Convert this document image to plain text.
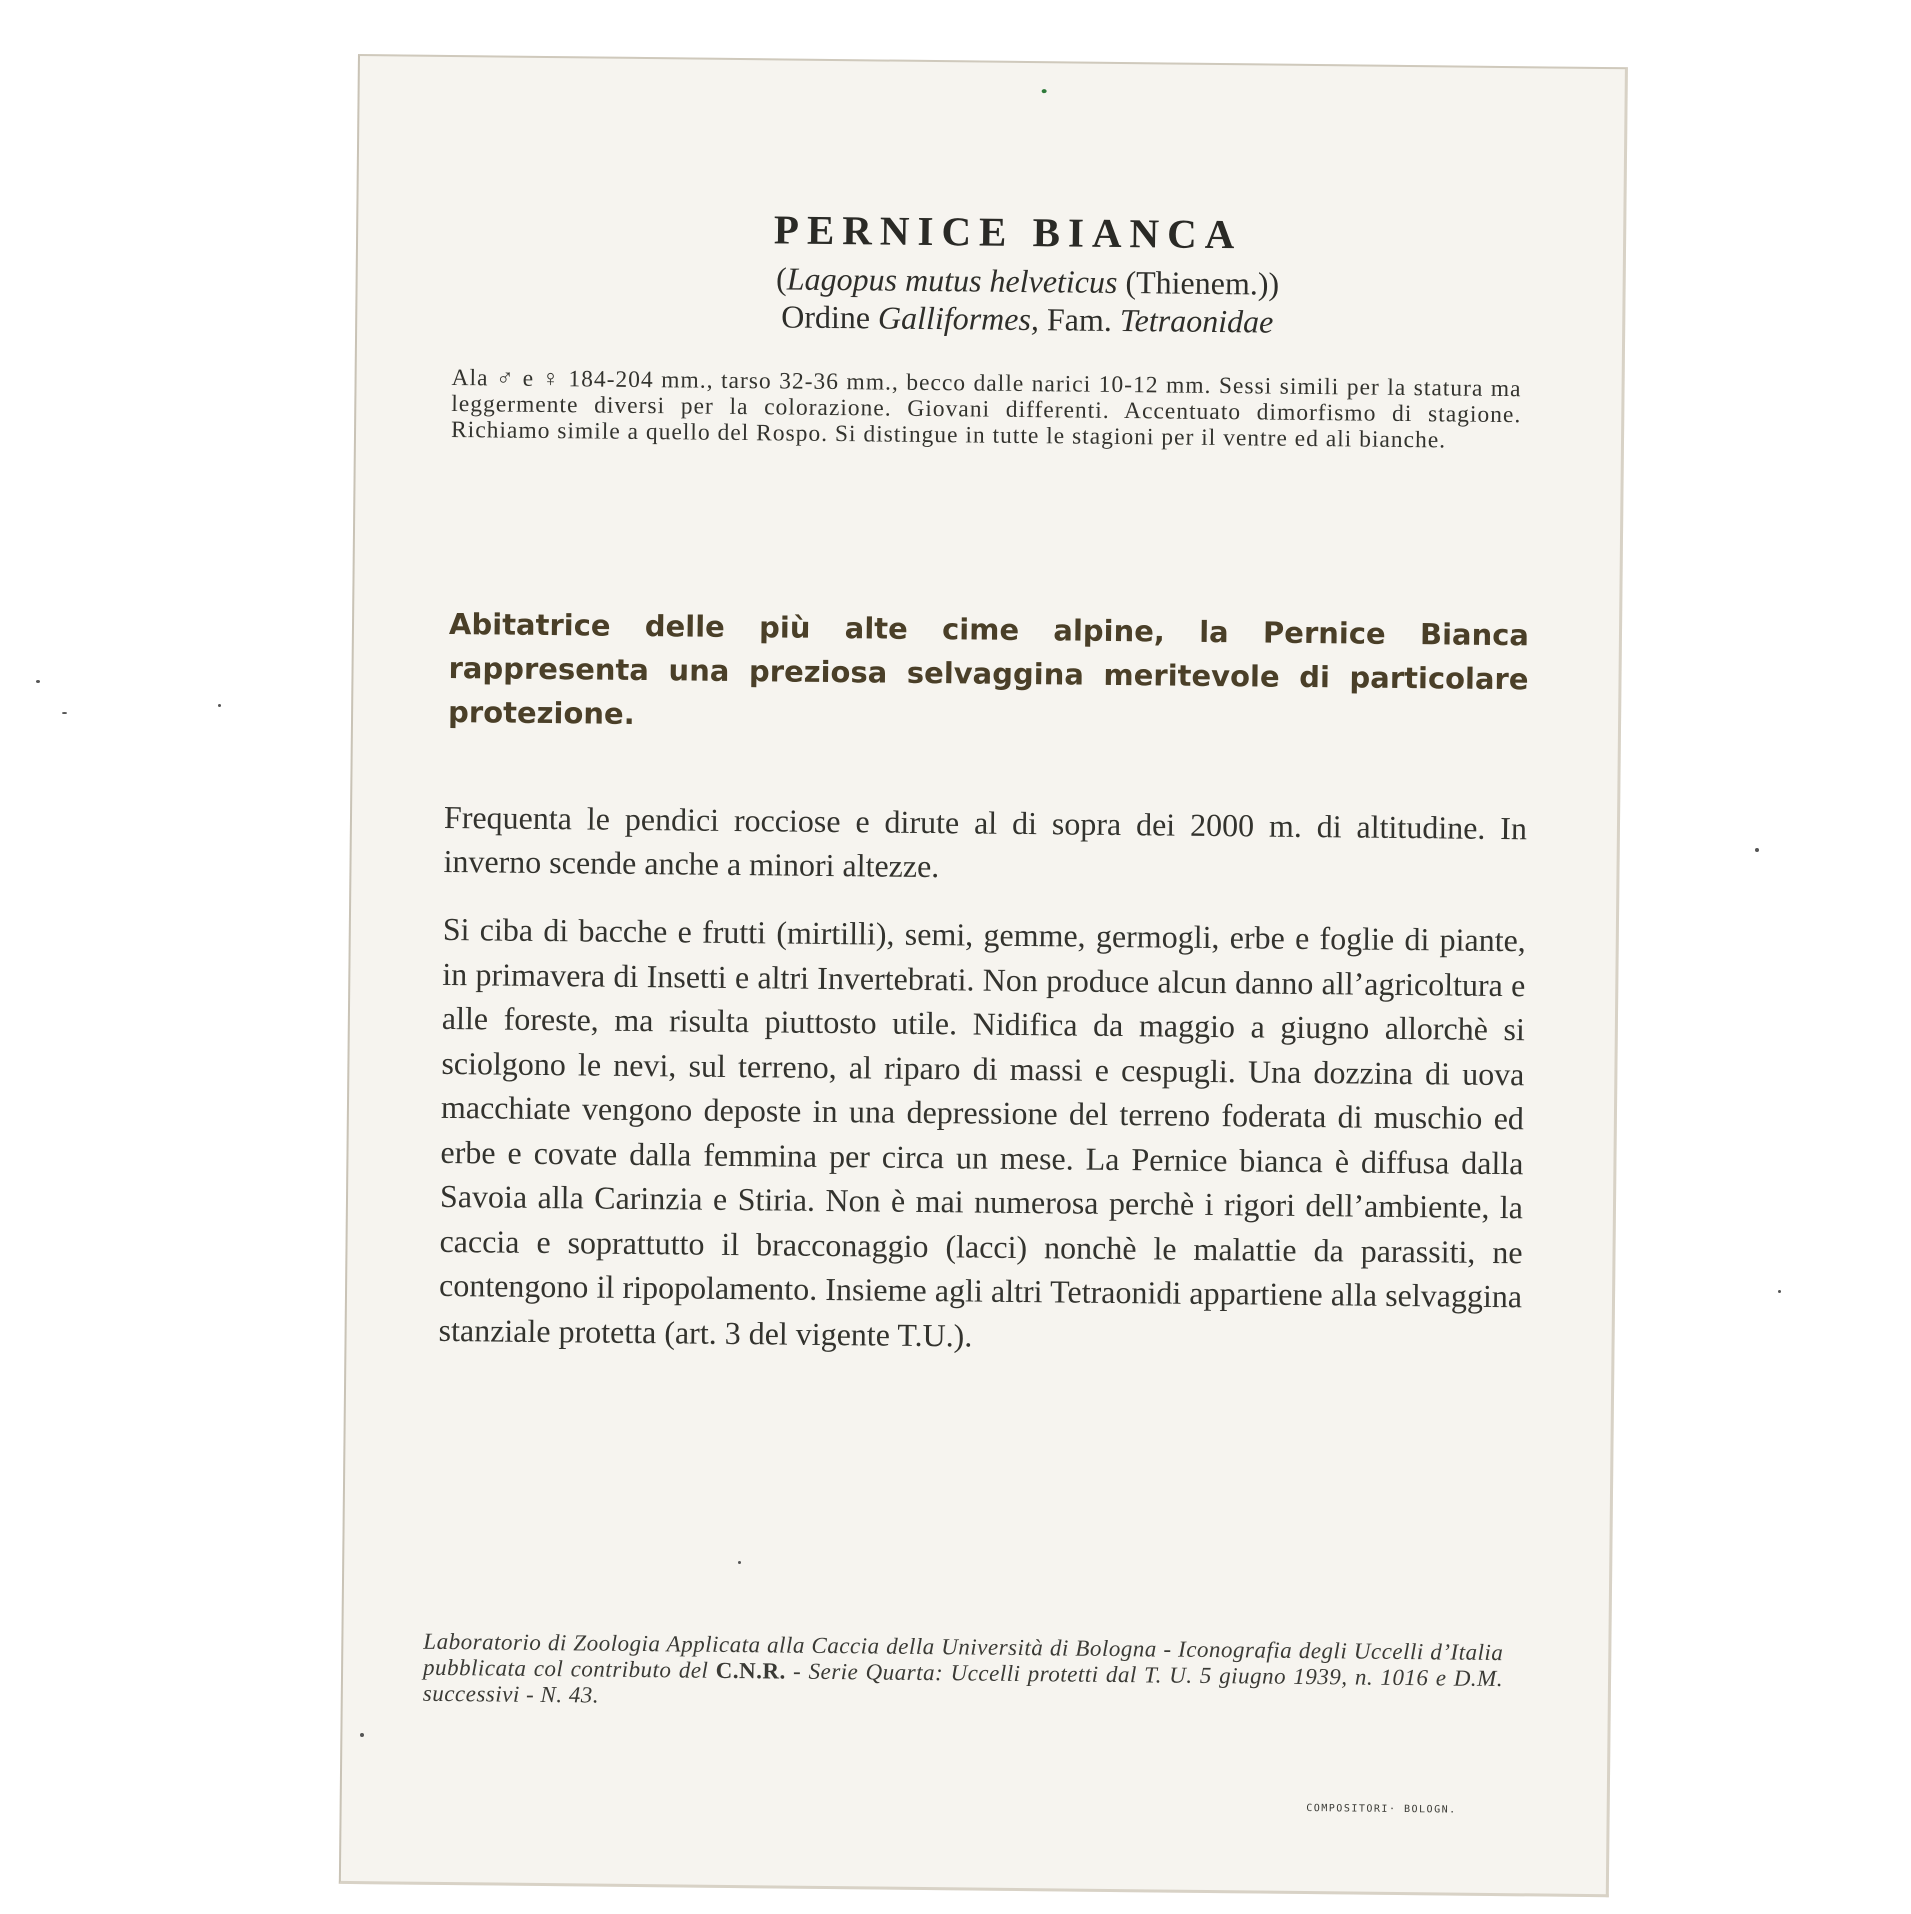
PERNICE BIANCA
(Lagopus mutus helveticus (Thienem.))
Ordine Galliformes, Fam. Tetraonidae
Ala ♂ e ♀ 184-204 mm., tarso 32-36 mm., becco dalle narici 10-12 mm. Sessi simili per la statura ma leggermente diversi per la colorazione. Giovani differenti. Accentuato dimorfismo di stagione. Richiamo simile a quello del Rospo. Si distingue in tutte le stagioni per il ventre ed ali bianche.
Abitatrice delle più alte cime alpine, la Pernice Bianca rappresenta una preziosa selvaggina meritevole di particolare protezione.
Frequenta le pendici rocciose e dirute al di sopra dei 2000 m. di altitudine. In inverno scende anche a minori altezze.
Si ciba di bacche e frutti (mirtilli), semi, gemme, germogli, erbe e foglie di piante, in primavera di Insetti e altri Invertebrati. Non produce alcun danno all’agricoltura e alle foreste, ma risulta piuttosto utile. Nidifica da maggio a giugno allorchè si sciolgono le nevi, sul terreno, al riparo di massi e cespugli. Una dozzina di uova macchiate vengono deposte in una depressione del terreno foderata di muschio ed erbe e covate dalla femmina per circa un mese. La Pernice bianca è diffusa dalla Savoia alla Carinzia e Stiria. Non è mai numerosa perchè i rigori dell’ambiente, la caccia e soprattutto il bracconaggio (lacci) nonchè le malattie da parassiti, ne contengono il ripopolamento. Insieme agli altri Tetraonidi appartiene alla selvaggina stanziale protetta (art. 3 del vigente T.U.).
Laboratorio di Zoologia Applicata alla Caccia della Università di Bologna - Iconografia degli Uccelli d’Italia pubblicata col contributo del C.N.R. - Serie Quarta: Uccelli protetti dal T. U. 5 giugno 1939, n. 1016 e D.M. successivi - N. 43.
COMPOSITORI· BOLOGN.
